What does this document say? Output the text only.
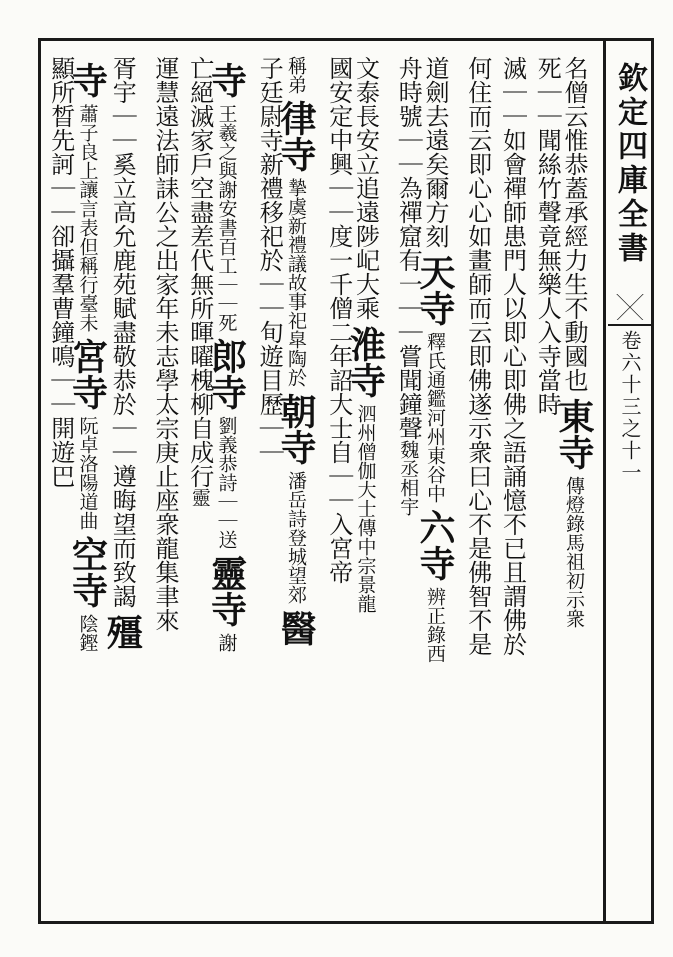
欽定四庫全書
卷六十三之十一
名僧云惟恭蓋承經力生不動國也東寺傳燈錄馬祖初示衆
死｜｜聞絲竹聲竟無樂人入寺當時
滅｜｜如會禪師患門人以即心即佛之語誦憶不已且謂佛於
何住而云即心心如畫師而云即佛遂示衆曰心不是佛智不是
道劍去遠矣爾方刻天寺釋氏通鑑河州東谷中六寺辨正錄西
舟時號｜｜為禪窟有一｜｜嘗聞鐘聲魏丞相宇
文泰長安立追遠陟屺大乘淮寺泗州僧伽大士傳中宗景龍
國安定中興｜｜度一千僧二年詔大士自｜｜入宮帝
稱弟律寺摯虞新禮議故事祀皐陶於朝寺潘岳詩登城望郊醫
子廷尉寺新禮移祀於｜｜旬遊目歷｜｜
寺王羲之與謝安書百工｜｜死郎寺劉義恭詩｜｜送靈寺謝
亡絕滅家戶空盡差代無所暉曜槐柳自成行靈
運慧遠法師誄公之出家年未志學太宗庚止座衆龍集聿來
胥宇｜｜奚立高允鹿苑賦盡敬恭於｜｜遵晦望而致謁殭
寺蕭子良上讓言表但稱行臺未宮寺阮卓洛陽道曲空寺陰鏗
顯所晳先訶｜｜卻攝羣曹鐘鳴｜｜開遊巴
